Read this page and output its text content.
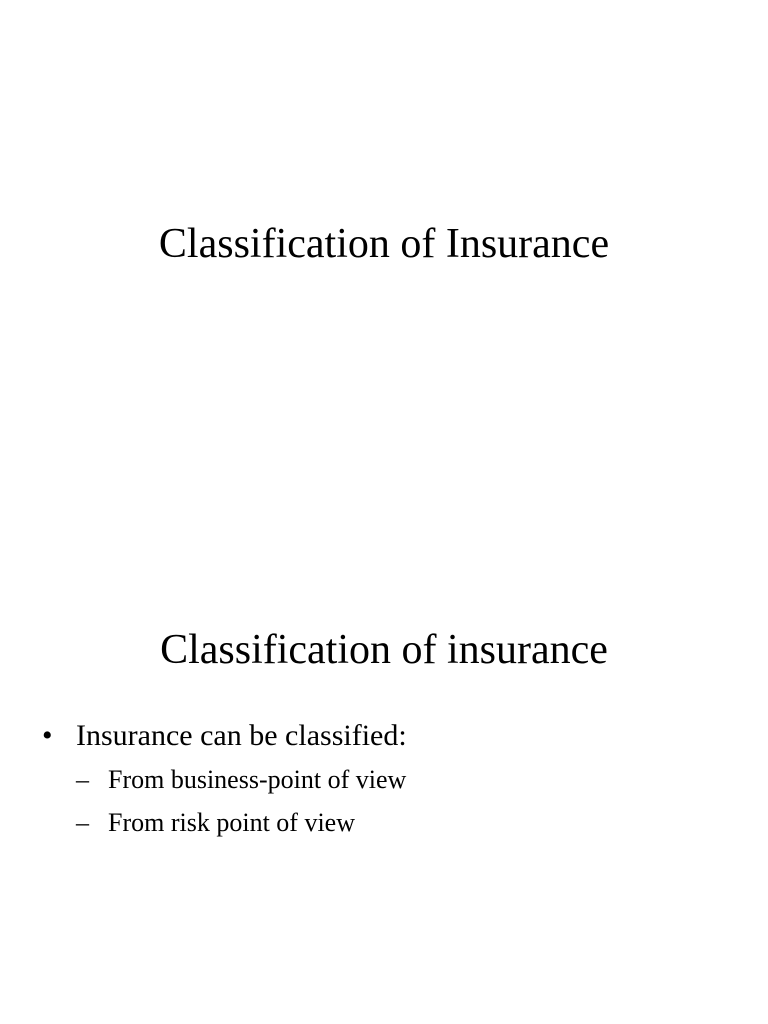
Classification of Insurance
Classification of insurance
• Insurance can be classified:
– From business-point of view
– From risk point of view
